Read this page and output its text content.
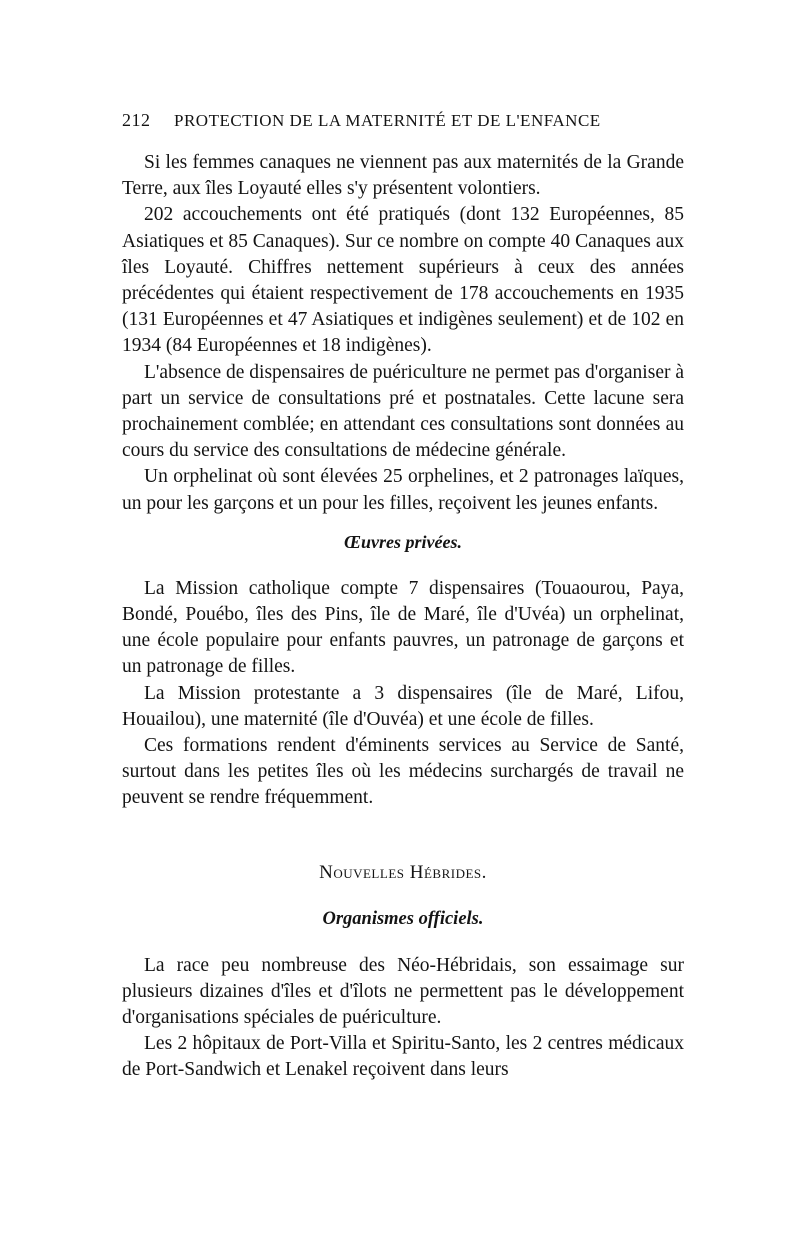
212	PROTECTION DE LA MATERNITÉ ET DE L'ENFANCE

Si les femmes canaques ne viennent pas aux maternités de la Grande Terre, aux îles Loyauté elles s'y présentent volontiers.

202 accouchements ont été pratiqués (dont 132 Européennes, 85 Asiatiques et 85 Canaques). Sur ce nombre on compte 40 Canaques aux îles Loyauté. Chiffres nettement supérieurs à ceux des années précédentes qui étaient respectivement de 178 accouchements en 1935 (131 Européennes et 47 Asiatiques et indigènes seulement) et de 102 en 1934 (84 Européennes et 18 indigènes).

L'absence de dispensaires de puériculture ne permet pas d'organiser à part un service de consultations pré et postnatales. Cette lacune sera prochainement comblée; en attendant ces consultations sont données au cours du service des consultations de médecine générale.

Un orphelinat où sont élevées 25 orphelines, et 2 patronages laïques, un pour les garçons et un pour les filles, reçoivent les jeunes enfants.

Œuvres privées.

La Mission catholique compte 7 dispensaires (Touaourou, Paya, Bondé, Pouébo, îles des Pins, île de Maré, île d'Uvéa) un orphelinat, une école populaire pour enfants pauvres, un patronage de garçons et un patronage de filles.

La Mission protestante a 3 dispensaires (île de Maré, Lifou, Houailou), une maternité (île d'Ouvéa) et une école de filles.

Ces formations rendent d'éminents services au Service de Santé, surtout dans les petites îles où les médecins surchargés de travail ne peuvent se rendre fréquemment.

Nouvelles Hébrides.
Organismes officiels.

La race peu nombreuse des Néo-Hébridais, son essaimage sur plusieurs dizaines d'îles et d'îlots ne permettent pas le développement d'organisations spéciales de puériculture.

Les 2 hôpitaux de Port-Villa et Spiritu-Santo, les 2 centres médicaux de Port-Sandwich et Lenakel reçoivent dans leurs
